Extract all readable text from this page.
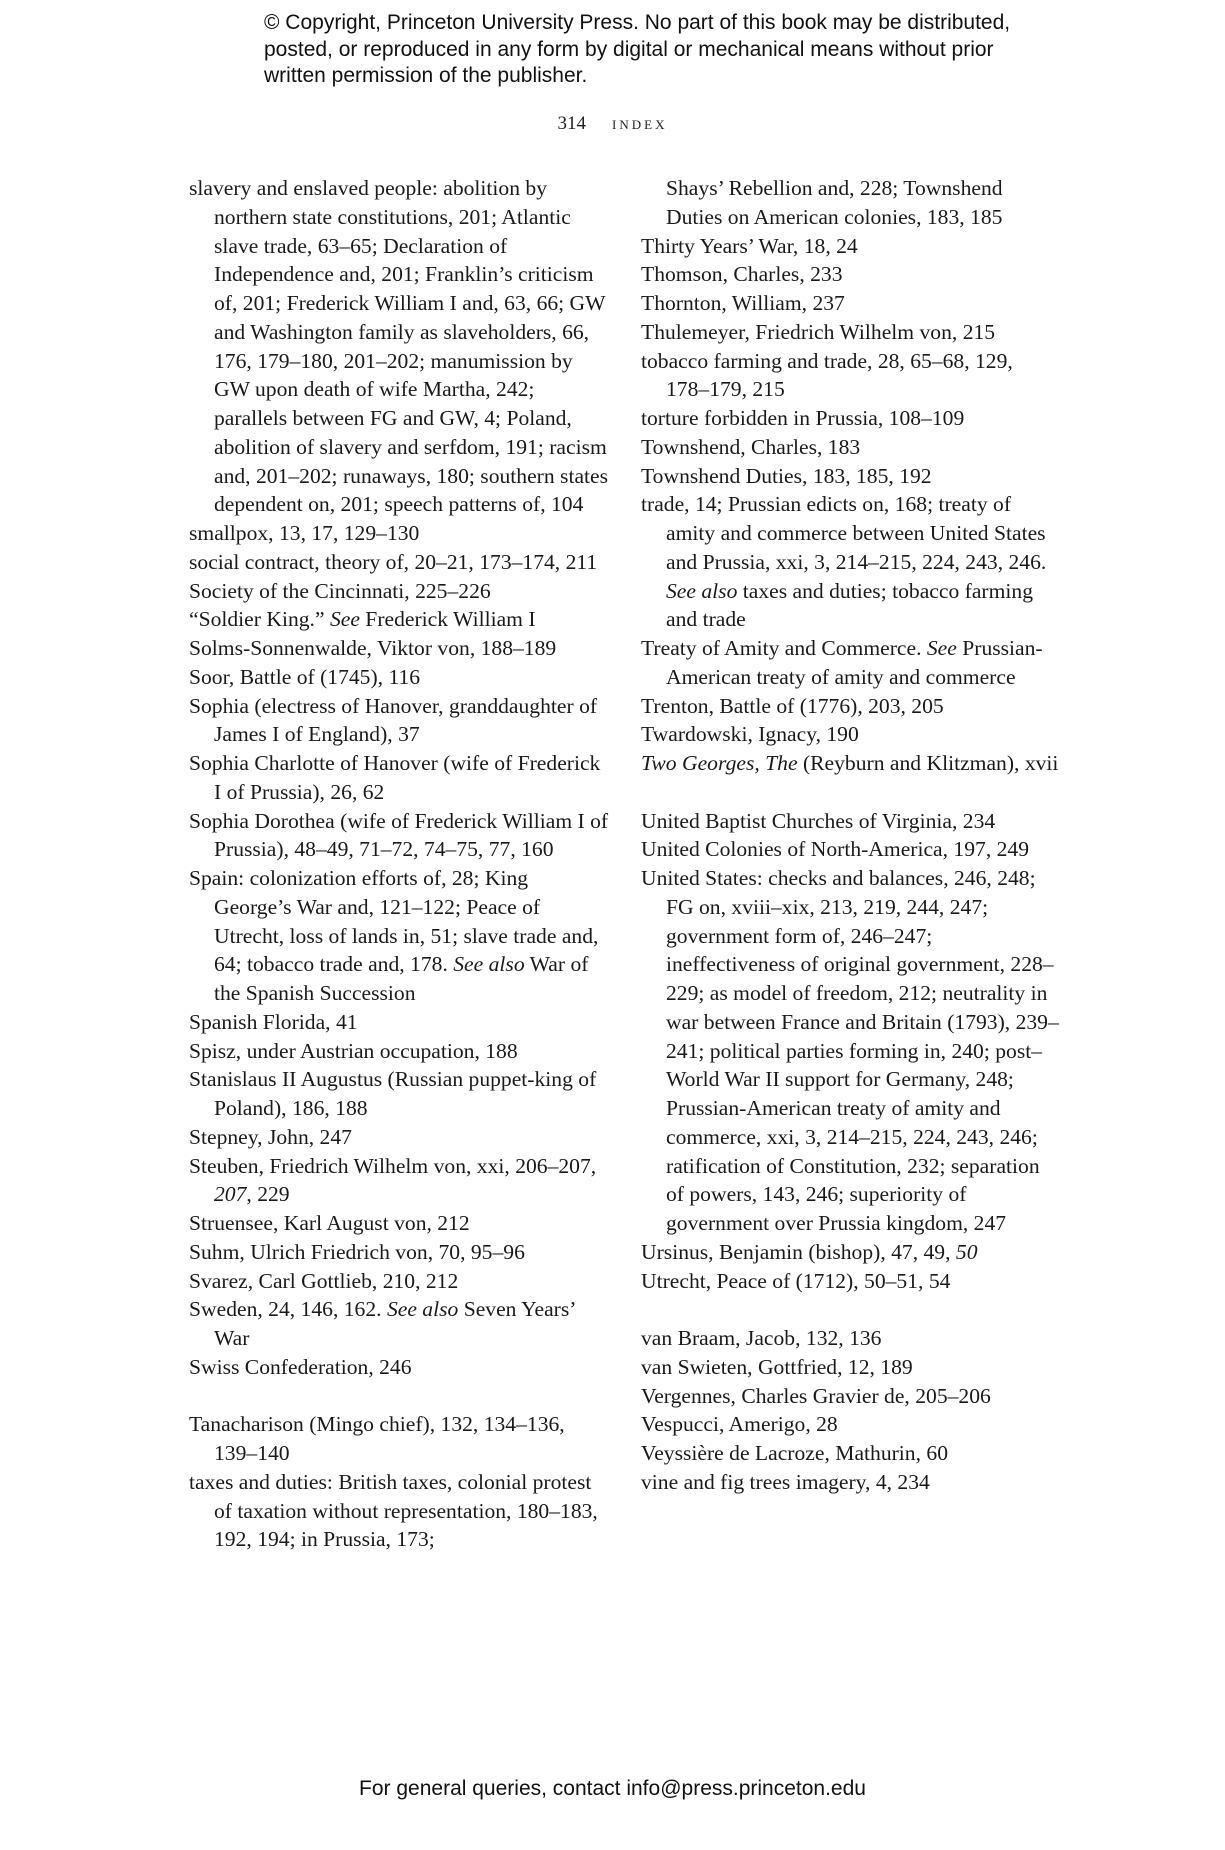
© Copyright, Princeton University Press. No part of this book may be distributed, posted, or reproduced in any form by digital or mechanical means without prior written permission of the publisher.
314 index
slavery and enslaved people: abolition by northern state constitutions, 201; Atlantic slave trade, 63–65; Declaration of Independence and, 201; Franklin’s criticism of, 201; Frederick William I and, 63, 66; GW and Washington family as slaveholders, 66, 176, 179–180, 201–202; manumission by GW upon death of wife Martha, 242; parallels between FG and GW, 4; Poland, abolition of slavery and serfdom, 191; racism and, 201–202; runaways, 180; southern states dependent on, 201; speech patterns of, 104
smallpox, 13, 17, 129–130
social contract, theory of, 20–21, 173–174, 211
Society of the Cincinnati, 225–226
“Soldier King.” See Frederick William I
Solms-Sonnenwalde, Viktor von, 188–189
Soor, Battle of (1745), 116
Sophia (electress of Hanover, granddaughter of James I of England), 37
Sophia Charlotte of Hanover (wife of Frederick I of Prussia), 26, 62
Sophia Dorothea (wife of Frederick William I of Prussia), 48–49, 71–72, 74–75, 77, 160
Spain: colonization efforts of, 28; King George’s War and, 121–122; Peace of Utrecht, loss of lands in, 51; slave trade and, 64; tobacco trade and, 178. See also War of the Spanish Succession
Spanish Florida, 41
Spisz, under Austrian occupation, 188
Stanislaus II Augustus (Russian puppet-king of Poland), 186, 188
Stepney, John, 247
Steuben, Friedrich Wilhelm von, xxi, 206–207, 207, 229
Struensee, Karl August von, 212
Suhm, Ulrich Friedrich von, 70, 95–96
Svarez, Carl Gottlieb, 210, 212
Sweden, 24, 146, 162. See also Seven Years’ War
Swiss Confederation, 246
Tanacharison (Mingo chief), 132, 134–136, 139–140
taxes and duties: British taxes, colonial protest of taxation without representation, 180–183, 192, 194; in Prussia, 173;
Shays’ Rebellion and, 228; Townshend Duties on American colonies, 183, 185
Thirty Years’ War, 18, 24
Thomson, Charles, 233
Thornton, William, 237
Thulemeyer, Friedrich Wilhelm von, 215
tobacco farming and trade, 28, 65–68, 129, 178–179, 215
torture forbidden in Prussia, 108–109
Townshend, Charles, 183
Townshend Duties, 183, 185, 192
trade, 14; Prussian edicts on, 168; treaty of amity and commerce between United States and Prussia, xxi, 3, 214–215, 224, 243, 246. See also taxes and duties; tobacco farming and trade
Treaty of Amity and Commerce. See Prussian-American treaty of amity and commerce
Trenton, Battle of (1776), 203, 205
Twardowski, Ignacy, 190
Two Georges, The (Reyburn and Klitzman), xvii
United Baptist Churches of Virginia, 234
United Colonies of North-America, 197, 249
United States: checks and balances, 246, 248; FG on, xviii–xix, 213, 219, 244, 247; government form of, 246–247; ineffectiveness of original government, 228–229; as model of freedom, 212; neutrality in war between France and Britain (1793), 239–241; political parties forming in, 240; post–World War II support for Germany, 248; Prussian-American treaty of amity and commerce, xxi, 3, 214–215, 224, 243, 246; ratification of Constitution, 232; separation of powers, 143, 246; superiority of government over Prussia kingdom, 247
Ursinus, Benjamin (bishop), 47, 49, 50
Utrecht, Peace of (1712), 50–51, 54
van Braam, Jacob, 132, 136
van Swieten, Gottfried, 12, 189
Vergennes, Charles Gravier de, 205–206
Vespucci, Amerigo, 28
Veyssière de Lacroze, Mathurin, 60
vine and fig trees imagery, 4, 234
For general queries, contact info@press.princeton.edu
